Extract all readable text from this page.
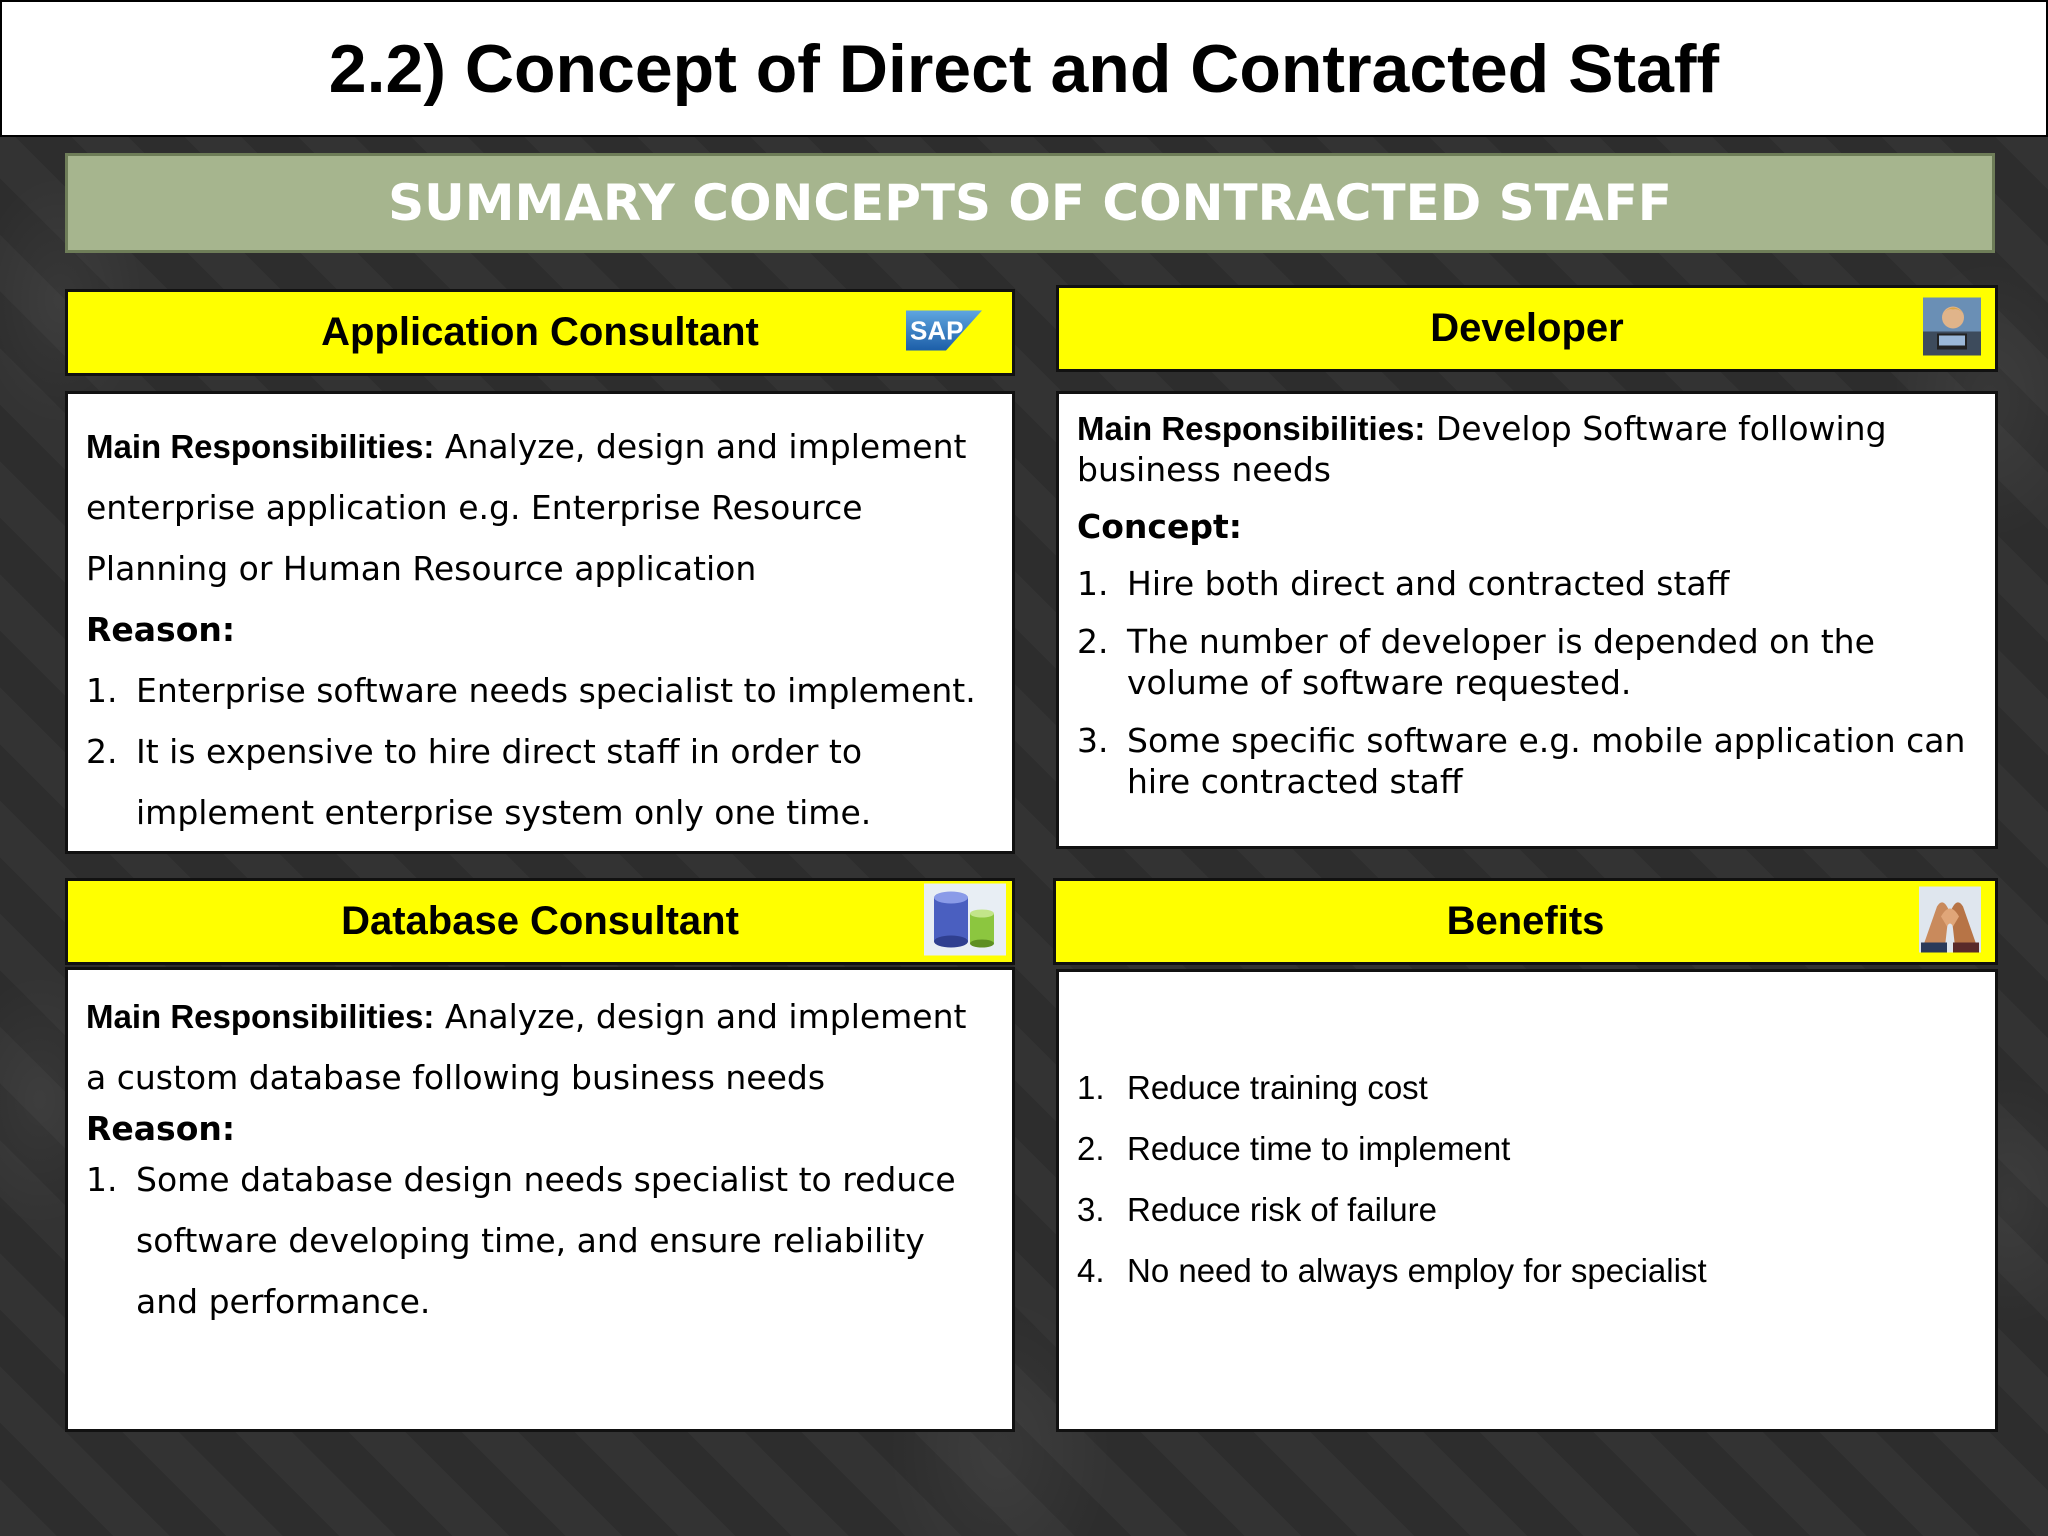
2.2) Concept of Direct and Contracted Staff
SUMMARY CONCEPTS OF CONTRACTED STAFF
Application Consultant	SAP

Main Responsibilities: Analyze, design and implement enterprise application e.g. Enterprise Resource Planning or Human Resource application

Reason:

1. Enterprise software needs specialist to implement.
2. It is expensive to hire direct staff in order to implement enterprise system only one time.
Developer

Main Responsibilities: Develop Software following business needs

Concept:

1. Hire both direct and contracted staff
2. The number of developer is depended on the volume of software requested.
3. Some specific software e.g. mobile application can hire contracted staff
Database Consultant

Main Responsibilities: Analyze, design and implement a custom database following business needs

Reason:

1. Some database design needs specialist to reduce software developing time, and ensure reliability and performance.
Benefits
1. Reduce training cost
2. Reduce time to implement
3. Reduce risk of failure
4. No need to always employ for specialist
